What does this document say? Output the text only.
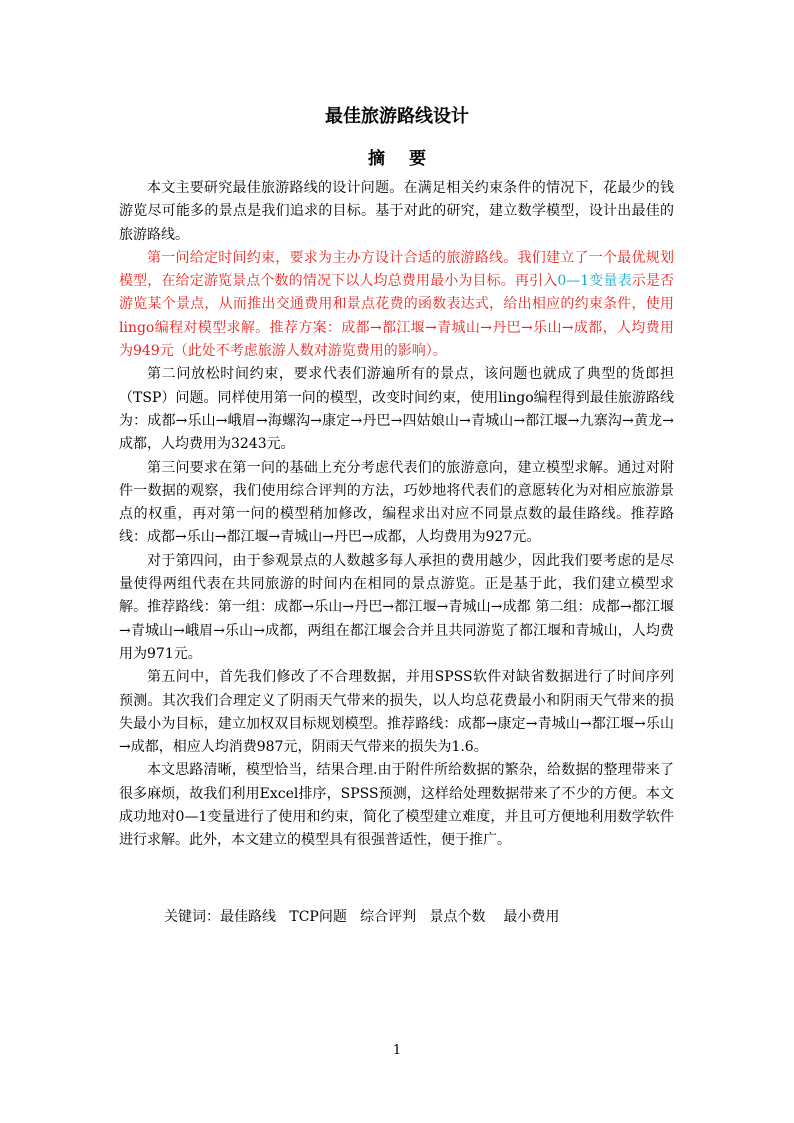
最佳旅游路线设计
摘要

本文主要研究最佳旅游路线的设计问题。在满足相关约束条件的情况下，花最少的钱游览尽可能多的景点是我们追求的目标。基于对此的研究，建立数学模型，设计出最佳的旅游路线。

第一问给定时间约束，要求为主办方设计合适的旅游路线。我们建立了一个最优规划模型，在给定游览景点个数的情况下以人均总费用最小为目标。再引入0—1变量表示是否游览某个景点，从而推出交通费用和景点花费的函数表达式，给出相应的约束条件，使用lingo编程对模型求解。推荐方案：成都→都江堰→青城山→丹巴→乐山→成都，人均费用为949元（此处不考虑旅游人数对游览费用的影响）。

第二问放松时间约束，要求代表们游遍所有的景点，该问题也就成了典型的货郎担（TSP）问题。同样使用第一问的模型，改变时间约束，使用lingo编程得到最佳旅游路线为：成都→乐山→峨眉→海螺沟→康定→丹巴→四姑娘山→青城山→都江堰→九寨沟→黄龙→成都，人均费用为3243元。

第三问要求在第一问的基础上充分考虑代表们的旅游意向，建立模型求解。通过对附件一数据的观察，我们使用综合评判的方法，巧妙地将代表们的意愿转化为对相应旅游景点的权重，再对第一问的模型稍加修改，编程求出对应不同景点数的最佳路线。推荐路线：成都→乐山→都江堰→青城山→丹巴→成都，人均费用为927元。

对于第四问，由于参观景点的人数越多每人承担的费用越少，因此我们要考虑的是尽量使得两组代表在共同旅游的时间内在相同的景点游览。正是基于此，我们建立模型求解。推荐路线：第一组：成都→乐山→丹巴→都江堰→青城山→成都 第二组：成都→都江堰→青城山→峨眉→乐山→成都，两组在都江堰会合并且共同游览了都江堰和青城山，人均费用为971元。

第五问中，首先我们修改了不合理数据，并用SPSS软件对缺省数据进行了时间序列预测。其次我们合理定义了阴雨天气带来的损失，以人均总花费最小和阴雨天气带来的损失最小为目标，建立加权双目标规划模型。推荐路线：成都→康定→青城山→都江堰→乐山→成都，相应人均消费987元，阴雨天气带来的损失为1.6。

本文思路清晰，模型恰当，结果合理.由于附件所给数据的繁杂，给数据的整理带来了很多麻烦，故我们利用Excel排序，SPSS预测，这样给处理数据带来了不少的方便。本文成功地对0—1变量进行了使用和约束，简化了模型建立难度，并且可方便地利用数学软件进行求解。此外，本文建立的模型具有很强普适性，便于推广。

关键词：最佳路线   TCP问题   综合评判   景点个数    最小费用
1
